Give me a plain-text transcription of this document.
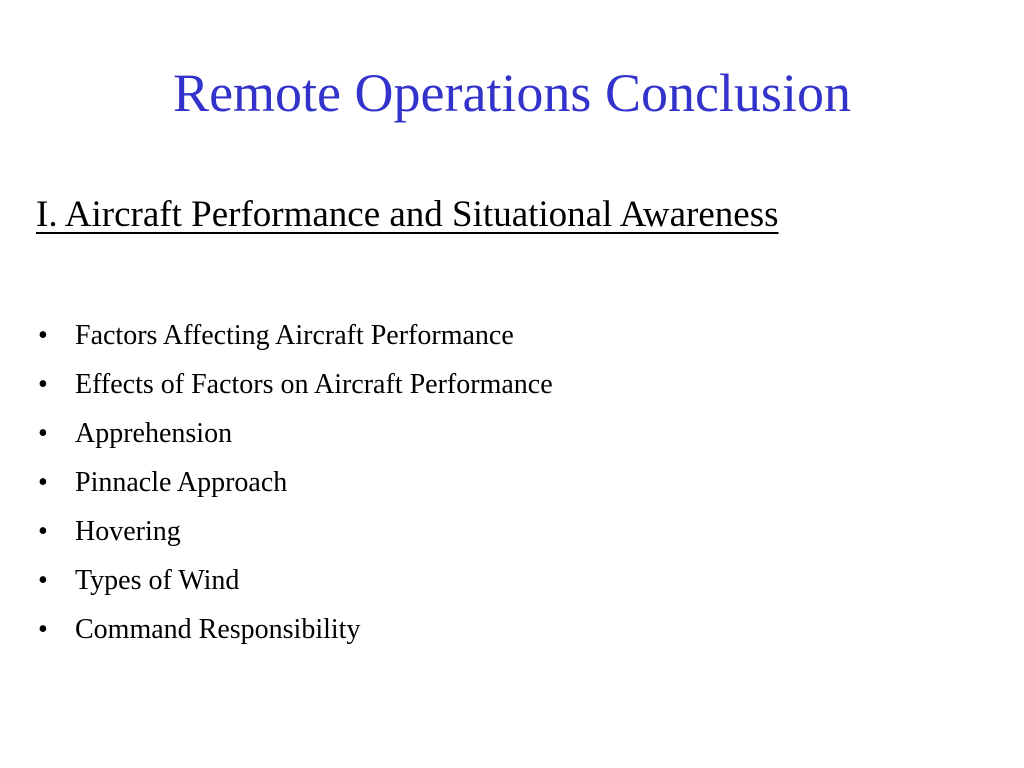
Remote Operations Conclusion
I. Aircraft Performance and Situational Awareness
• Factors Affecting Aircraft Performance
• Effects of Factors on Aircraft Performance
• Apprehension
• Pinnacle Approach
• Hovering
• Types of Wind
• Command Responsibility
